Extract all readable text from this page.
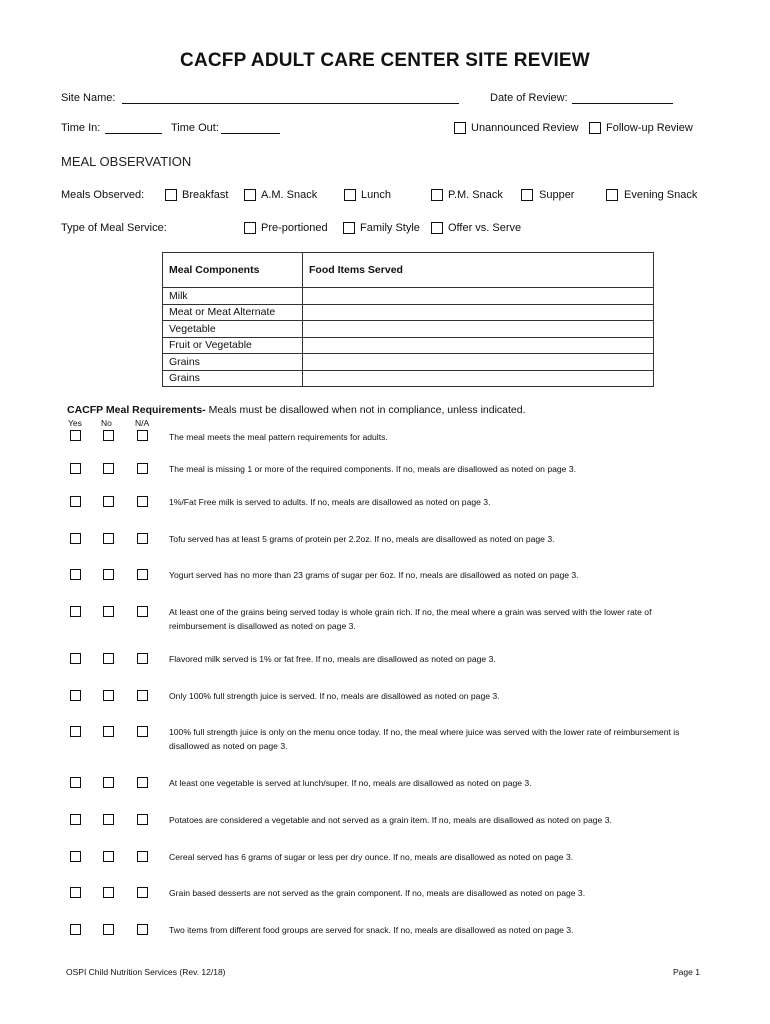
CACFP ADULT CARE CENTER SITE REVIEW
Site Name:	Date of Review:
Time In:	Time Out:	Unannounced Review Follow-up Review
MEAL OBSERVATION
Meals Observed:	Breakfast	A.M. Snack	Lunch	P.M. Snack	Supper	Evening Snack
Type of Meal Service:	Pre-portioned	Family Style	Offer vs. Serve
Meal Components	Food Items Served
Milk	
Meat or Meat Alternate	
Vegetable	
Fruit or Vegetable	
Grains	
Grains	
CACFP Meal Requirements- Meals must be disallowed when not in compliance, unless indicated.
Yes No	N/A
The meal meets the meal pattern requirements for adults.
The meal is missing 1 or more of the required components. If no, meals are disallowed as noted on page 3.
1%/Fat Free milk is served to adults. If no, meals are disallowed as noted on page 3.
Tofu served has at least 5 grams of protein per 2.2oz. If no, meals are disallowed as noted on page 3.
Yogurt served has no more than 23 grams of sugar per 6oz. If no, meals are disallowed as noted on page 3.
At least one of the grains being served today is whole grain rich. If no, the meal where a grain was served with the lower rate of reimbursement is disallowed as noted on page 3.
Flavored milk served is 1% or fat free. If no, meals are disallowed as noted on page 3.
Only 100% full strength juice is served. If no, meals are disallowed as noted on page 3.
100% full strength juice is only on the menu once today. If no, the meal where juice was served with the lower rate of reimbursement is disallowed as noted on page 3.
At least one vegetable is served at lunch/super. If no, meals are disallowed as noted on page 3.
Potatoes are considered a vegetable and not served as a grain item. If no, meals are disallowed as noted on page 3.
Cereal served has 6 grams of sugar or less per dry ounce. If no, meals are disallowed as noted on page 3.
Grain based desserts are not served as the grain component. If no, meals are disallowed as noted on page 3.
Two items from different food groups are served for snack. If no, meals are disallowed as noted on page 3.
OSPI Child Nutrition Services (Rev. 12/18)	Page 1
